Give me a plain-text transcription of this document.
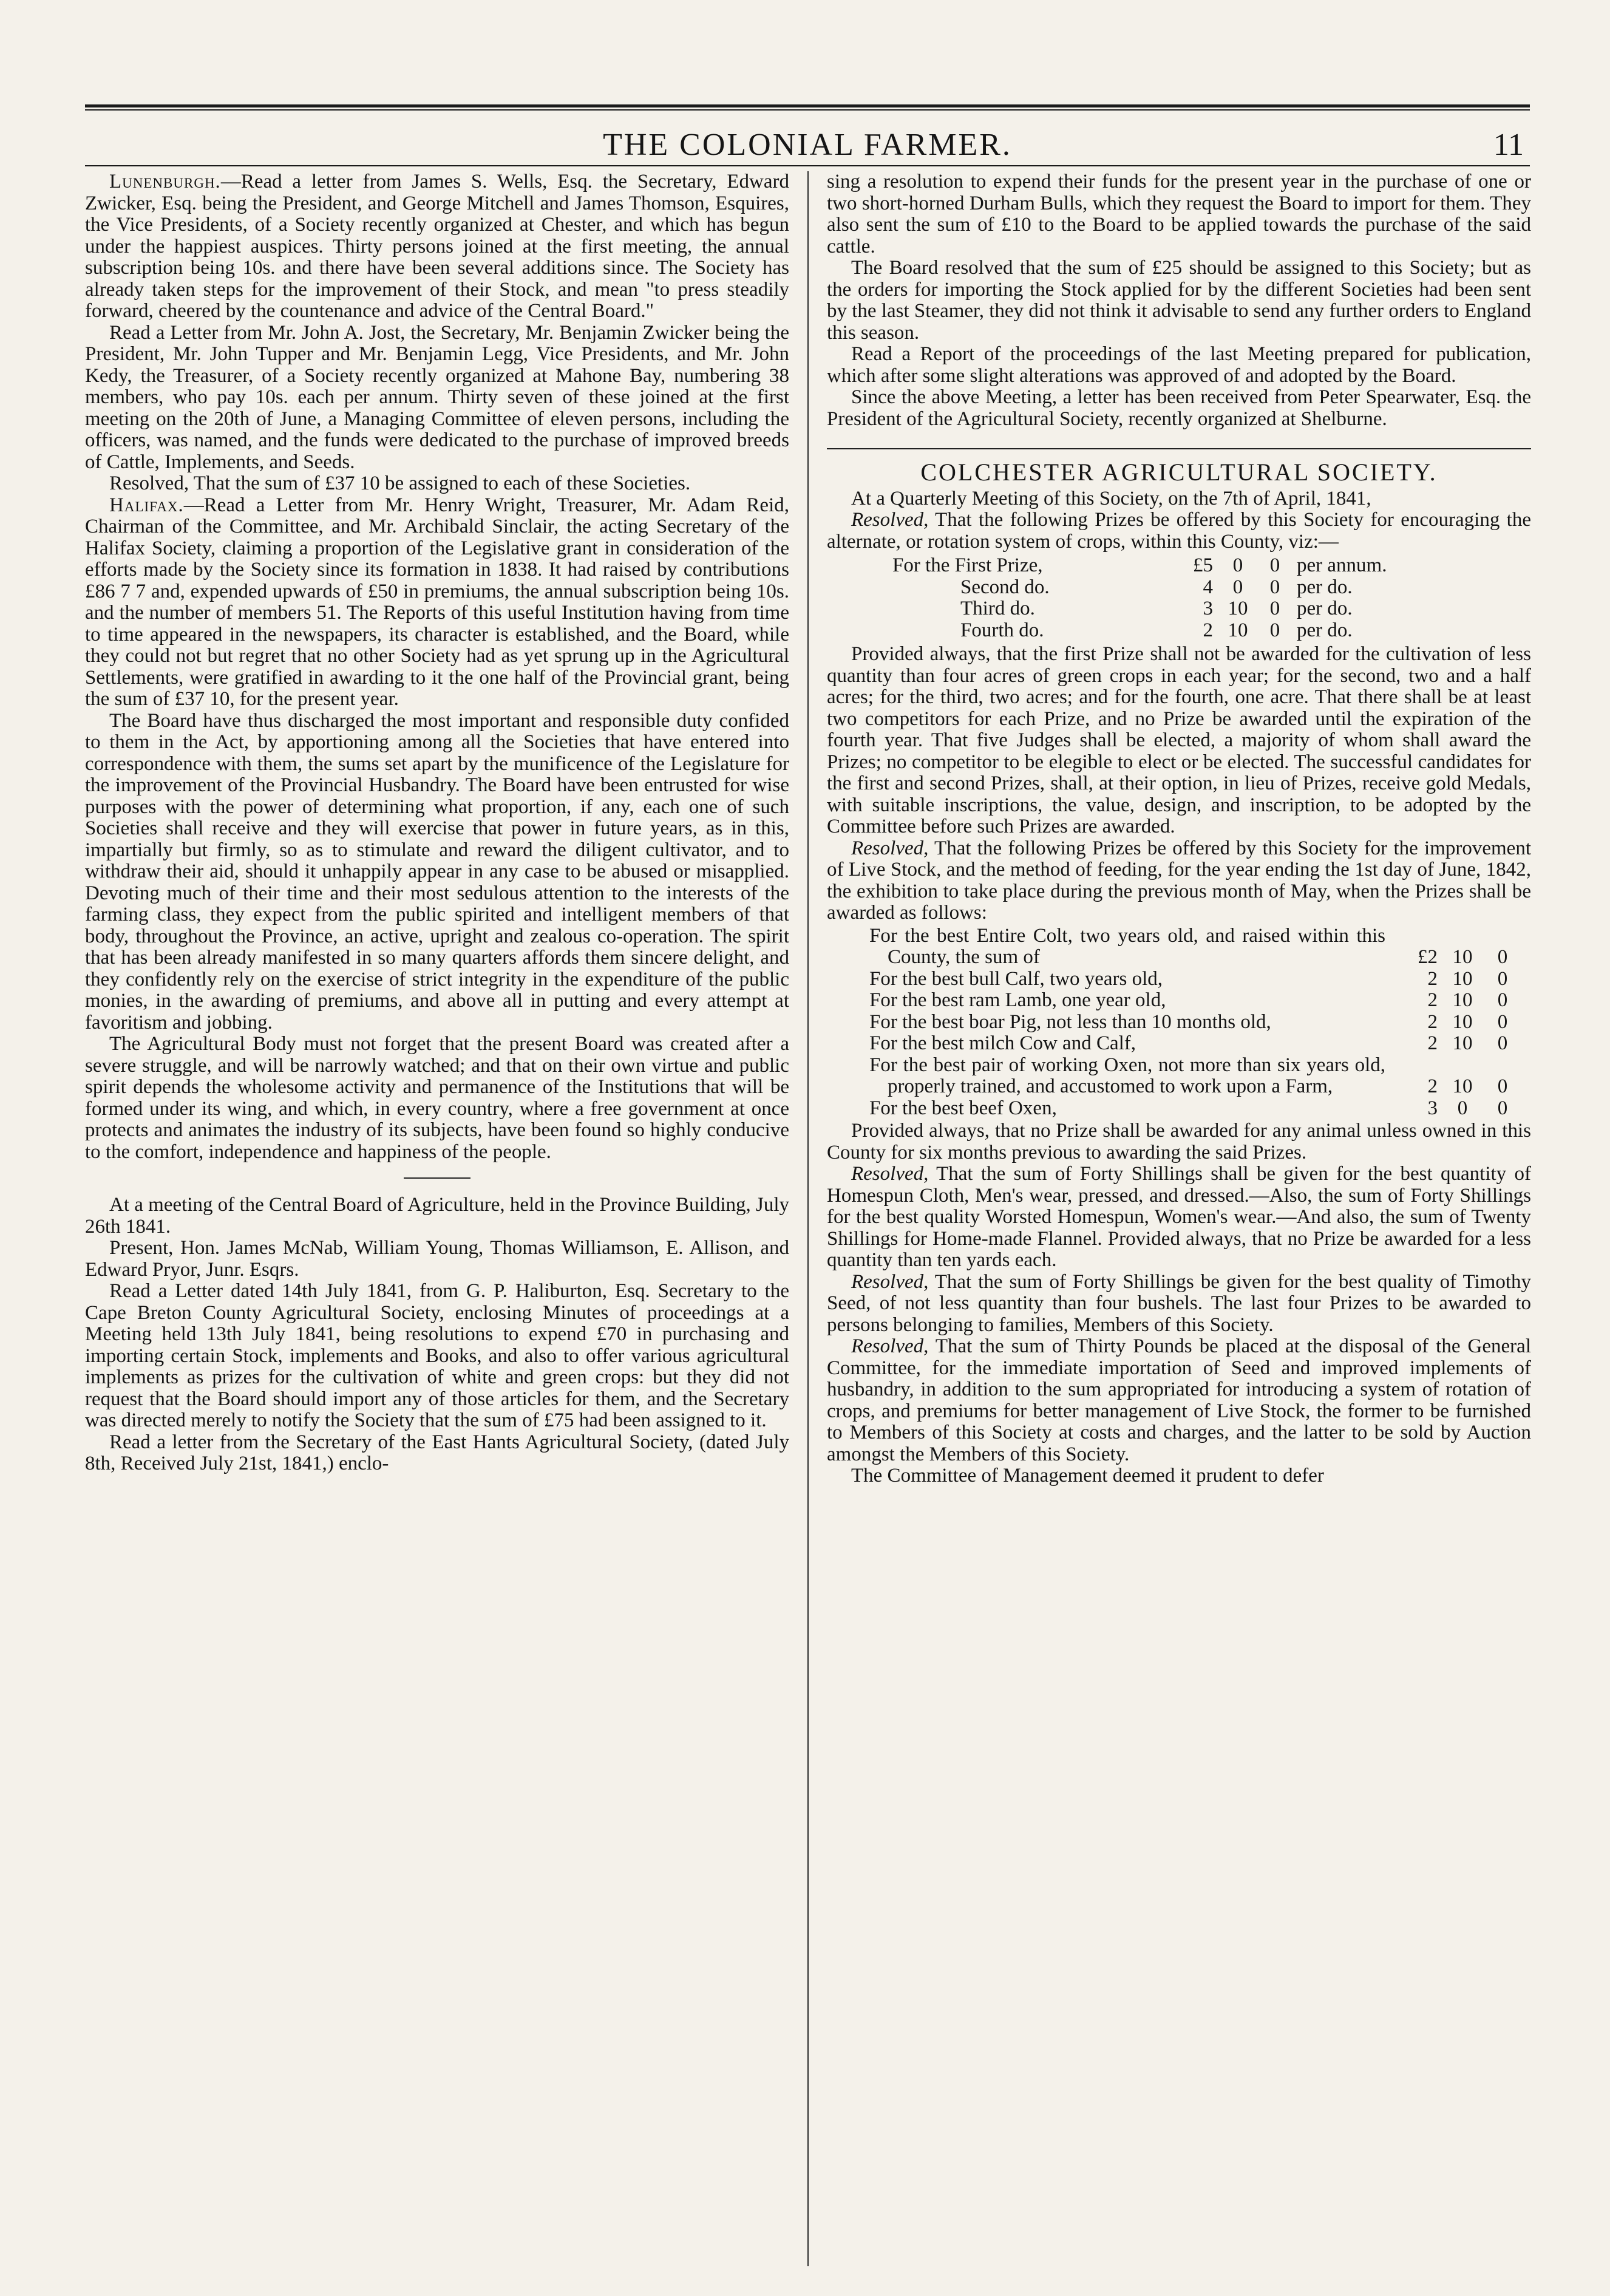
THE COLONIAL FARMER.	11

Lunenburgh.—Read a letter from James S. Wells, Esq. the Secretary, Edward Zwicker, Esq. being the President, and George Mitchell and James Thomson, Esquires, the Vice Presidents, of a Society recently organized at Chester, and which has begun under the happiest auspices. Thirty persons joined at the first meeting, the annual subscription being 10s. and there have been several additions since. The Society has already taken steps for the improvement of their Stock, and mean "to press steadily forward, cheered by the countenance and advice of the Central Board."

Read a Letter from Mr. John A. Jost, the Secretary, Mr. Benjamin Zwicker being the President, Mr. John Tupper and Mr. Benjamin Legg, Vice Presidents, and Mr. John Kedy, the Treasurer, of a Society recently organized at Mahone Bay, numbering 38 members, who pay 10s. each per annum. Thirty seven of these joined at the first meeting on the 20th of June, a Managing Committee of eleven persons, including the officers, was named, and the funds were dedicated to the purchase of improved breeds of Cattle, Implements, and Seeds.

Resolved, That the sum of £37 10 be assigned to each of these Societies.

Halifax.—Read a Letter from Mr. Henry Wright, Treasurer, Mr. Adam Reid, Chairman of the Committee, and Mr. Archibald Sinclair, the acting Secretary of the Halifax Society, claiming a proportion of the Legislative grant in consideration of the efforts made by the Society since its formation in 1838. It had raised by contributions £86 7 7 and, expended upwards of £50 in premiums, the annual subscription being 10s. and the number of members 51. The Reports of this useful Institution having from time to time appeared in the newspapers, its character is established, and the Board, while they could not but regret that no other Society had as yet sprung up in the Agricultural Settlements, were gratified in awarding to it the one half of the Provincial grant, being the sum of £37 10, for the present year.

The Board have thus discharged the most important and responsible duty confided to them in the Act, by apportioning among all the Societies that have entered into correspondence with them, the sums set apart by the munificence of the Legislature for the improvement of the Provincial Husbandry. The Board have been entrusted for wise purposes with the power of determining what proportion, if any, each one of such Societies shall receive and they will exercise that power in future years, as in this, impartially but firmly, so as to stimulate and reward the diligent cultivator, and to withdraw their aid, should it unhappily appear in any case to be abused or misapplied. Devoting much of their time and their most sedulous attention to the interests of the farming class, they expect from the public spirited and intelligent members of that body, throughout the Province, an active, upright and zealous co-operation. The spirit that has been already manifested in so many quarters affords them sincere delight, and they confidently rely on the exercise of strict integrity in the expenditure of the public monies, in the awarding of premiums, and above all in putting and every attempt at favoritism and jobbing.

The Agricultural Body must not forget that the present Board was created after a severe struggle, and will be narrowly watched; and that on their own virtue and public spirit depends the wholesome activity and permanence of the Institutions that will be formed under its wing, and which, in every country, where a free government at once protects and animates the industry of its subjects, have been found so highly conducive to the comfort, independence and happiness of the people.

At a meeting of the Central Board of Agriculture, held in the Province Building, July 26th 1841.

Present, Hon. James McNab, William Young, Thomas Williamson, E. Allison, and Edward Pryor, Junr. Esqrs.

Read a Letter dated 14th July 1841, from G. P. Haliburton, Esq. Secretary to the Cape Breton County Agricultural Society, enclosing Minutes of proceedings at a Meeting held 13th July 1841, being resolutions to expend £70 in purchasing and importing certain Stock, implements and Books, and also to offer various agricultural implements as prizes for the cultivation of white and green crops: but they did not request that the Board should import any of those articles for them, and the Secretary was directed merely to notify the Society that the sum of £75 had been assigned to it.

Read a letter from the Secretary of the East Hants Agricultural Society, (dated July 8th, Received July 21st, 1841,) enclo-

sing a resolution to expend their funds for the present year in the purchase of one or two short-horned Durham Bulls, which they request the Board to import for them. They also sent the sum of £10 to the Board to be applied towards the purchase of the said cattle.

The Board resolved that the sum of £25 should be assigned to this Society; but as the orders for importing the Stock applied for by the different Societies had been sent by the last Steamer, they did not think it advisable to send any further orders to England this season.

Read a Report of the proceedings of the last Meeting prepared for publication, which after some slight alterations was approved of and adopted by the Board.

Since the above Meeting, a letter has been received from Peter Spearwater, Esq. the President of the Agricultural Society, recently organized at Shelburne.

COLCHESTER AGRICULTURAL SOCIETY.

At a Quarterly Meeting of this Society, on the 7th of April, 1841,

Resolved, That the following Prizes be offered by this Society for encouraging the alternate, or rotation system of crops, within this County, viz:—

For the First Prize,	£5	0	0	per annum.
Second do.	4	0	0	per do.
Third do.	3	10	0	per do.
Fourth do.	2	10	0	per do.

Provided always, that the first Prize shall not be awarded for the cultivation of less quantity than four acres of green crops in each year; for the second, two and a half acres; for the third, two acres; and for the fourth, one acre. That there shall be at least two competitors for each Prize, and no Prize be awarded until the expiration of the fourth year. That five Judges shall be elected, a majority of whom shall award the Prizes; no competitor to be elegible to elect or be elected. The successful candidates for the first and second Prizes, shall, at their option, in lieu of Prizes, receive gold Medals, with suitable inscriptions, the value, design, and inscription, to be adopted by the Committee before such Prizes are awarded.

Resolved, That the following Prizes be offered by this Society for the improvement of Live Stock, and the method of feeding, for the year ending the 1st day of June, 1842, the exhibition to take place during the previous month of May, when the Prizes shall be awarded as follows:

For the best Entire Colt, two years old, and raised within this County, the sum of	£2	10	0
For the best bull Calf, two years old,	2	10	0
For the best ram Lamb, one year old,	2	10	0
For the best boar Pig, not less than 10 months old,	2	10	0
For the best milch Cow and Calf,	2	10	0
For the best pair of working Oxen, not more than six years old, properly trained, and accustomed to work upon a Farm,	2	10	0
For the best beef Oxen,	3	0	0

Provided always, that no Prize shall be awarded for any animal unless owned in this County for six months previous to awarding the said Prizes.

Resolved, That the sum of Forty Shillings shall be given for the best quantity of Homespun Cloth, Men's wear, pressed, and dressed.—Also, the sum of Forty Shillings for the best quality Worsted Homespun, Women's wear.—And also, the sum of Twenty Shillings for Home-made Flannel. Provided always, that no Prize be awarded for a less quantity than ten yards each.

Resolved, That the sum of Forty Shillings be given for the best quality of Timothy Seed, of not less quantity than four bushels. The last four Prizes to be awarded to persons belonging to families, Members of this Society.

Resolved, That the sum of Thirty Pounds be placed at the disposal of the General Committee, for the immediate importation of Seed and improved implements of husbandry, in addition to the sum appropriated for introducing a system of rotation of crops, and premiums for better management of Live Stock, the former to be furnished to Members of this Society at costs and charges, and the latter to be sold by Auction amongst the Members of this Society.

The Committee of Management deemed it prudent to defer
